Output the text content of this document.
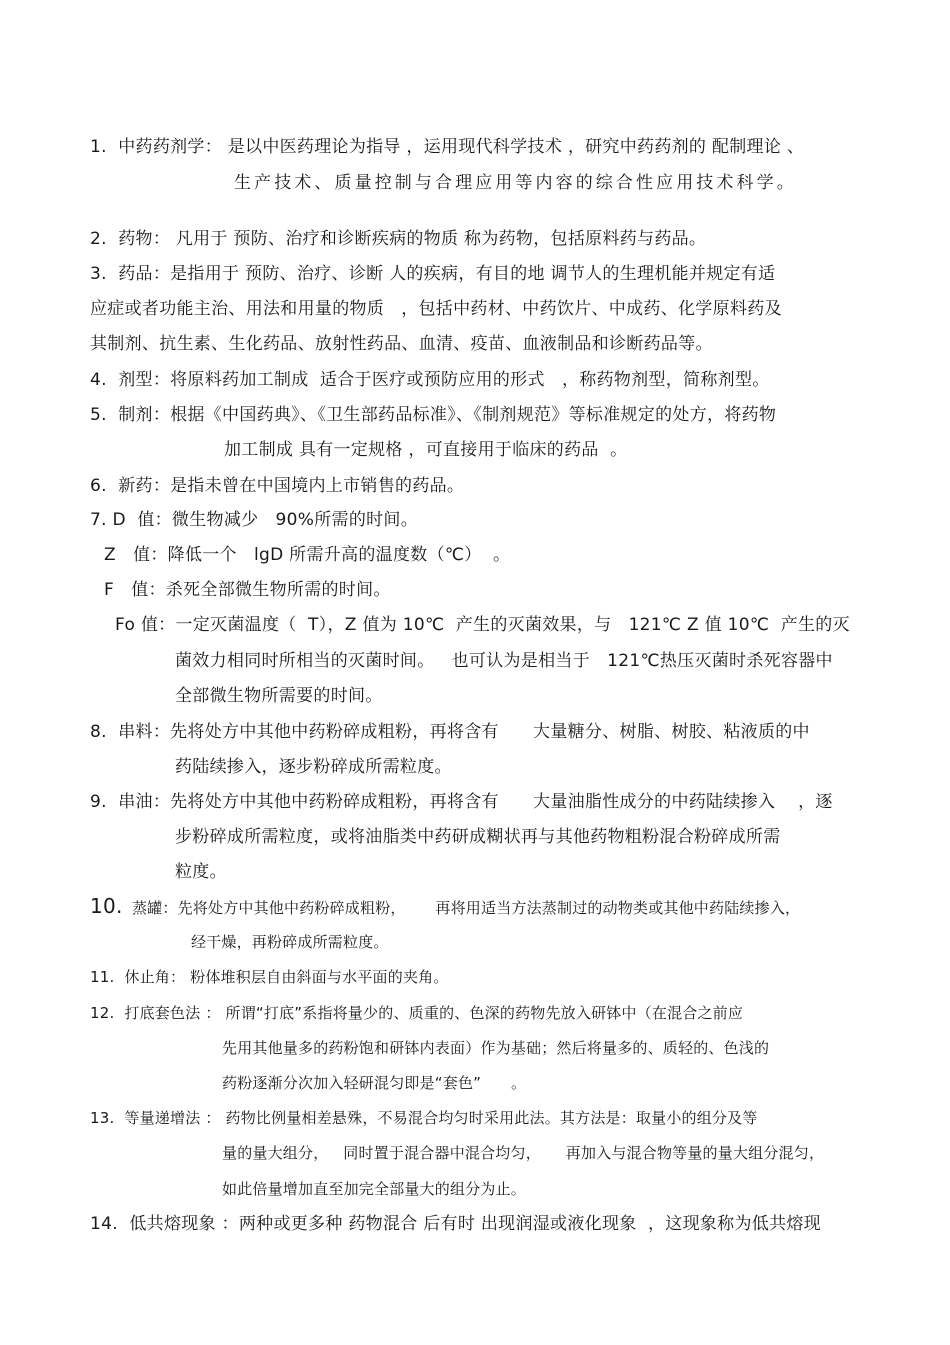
1.  中药药剂学： 是以中医药理论为指导 ，运用现代科学技术 ，研究中药药剂的 配制理论 、
生产技术、质量控制与合理应用等内容的综合性应用技术科学。
2.  药物： 凡用于 预防、治疗和诊断疾病的物质 称为药物，包括原料药与药品。
3.  药品：是指用于 预防、治疗、诊断 人的疾病，有目的地 调节人的生理机能并规定有适
应症或者功能主治、用法和用量的物质   ，包括中药材、中药饮片、中成药、化学原料药及
其制剂、抗生素、生化药品、放射性药品、血清、疫苗、血液制品和诊断药品等。
4.  剂型：将原料药加工制成  适合于医疗或预防应用的形式   ，称药物剂型，简称剂型。
5.  制剂：根据《中国药典》、《卫生部药品标准》、《制剂规范》等标准规定的处方，将药物
加工制成 具有一定规格 ，可直接用于临床的药品  。
6.  新药：是指未曾在中国境内上市销售的药品。
7. D  值：微生物减少   90%所需的时间。
Z   值：降低一个   lgD 所需升高的温度数（℃）  。
F   值：杀死全部微生物所需的时间。
Fo 值：一定灭菌温度（  T），Z 值为 10℃  产生的灭菌效果，与   121℃ Z 值 10℃  产生的灭
菌效力相同时所相当的灭菌时间。   也可认为是相当于   121℃热压灭菌时杀死容器中
全部微生物所需要的时间。
8.  串料：先将处方中其他中药粉碎成粗粉，再将含有      大量糖分、树脂、树胶、粘液质的中
药陆续掺入，逐步粉碎成所需粒度。
9.  串油：先将处方中其他中药粉碎成粗粉，再将含有      大量油脂性成分的中药陆续掺入    ，逐
步粉碎成所需粒度，或将油脂类中药研成糊状再与其他药物粗粉混合粉碎成所需
粒度。
10. 蒸罐：先将处方中其他中药粉碎成粗粉，      再将用适当方法蒸制过的动物类或其他中药陆续掺入，
经干燥，再粉碎成所需粒度。
11.  休止角： 粉体堆积层自由斜面与水平面的夹角。
12.  打底套色法 ： 所谓“打底”系指将量少的、质重的、色深的药物先放入研钵中（在混合之前应
先用其他量多的药粉饱和研钵内表面）作为基础；然后将量多的、质轻的、色浅的
药粉逐渐分次加入轻研混匀即是“套色”      。
13.  等量递增法 ： 药物比例量相差悬殊，不易混合均匀时采用此法。其方法是：取量小的组分及等
量的量大组分，   同时置于混合器中混合均匀，     再加入与混合物等量的量大组分混匀，
如此倍量增加直至加完全部量大的组分为止。
14.  低共熔现象 ：两种或更多种 药物混合 后有时 出现润湿或液化现象  ，这现象称为低共熔现
